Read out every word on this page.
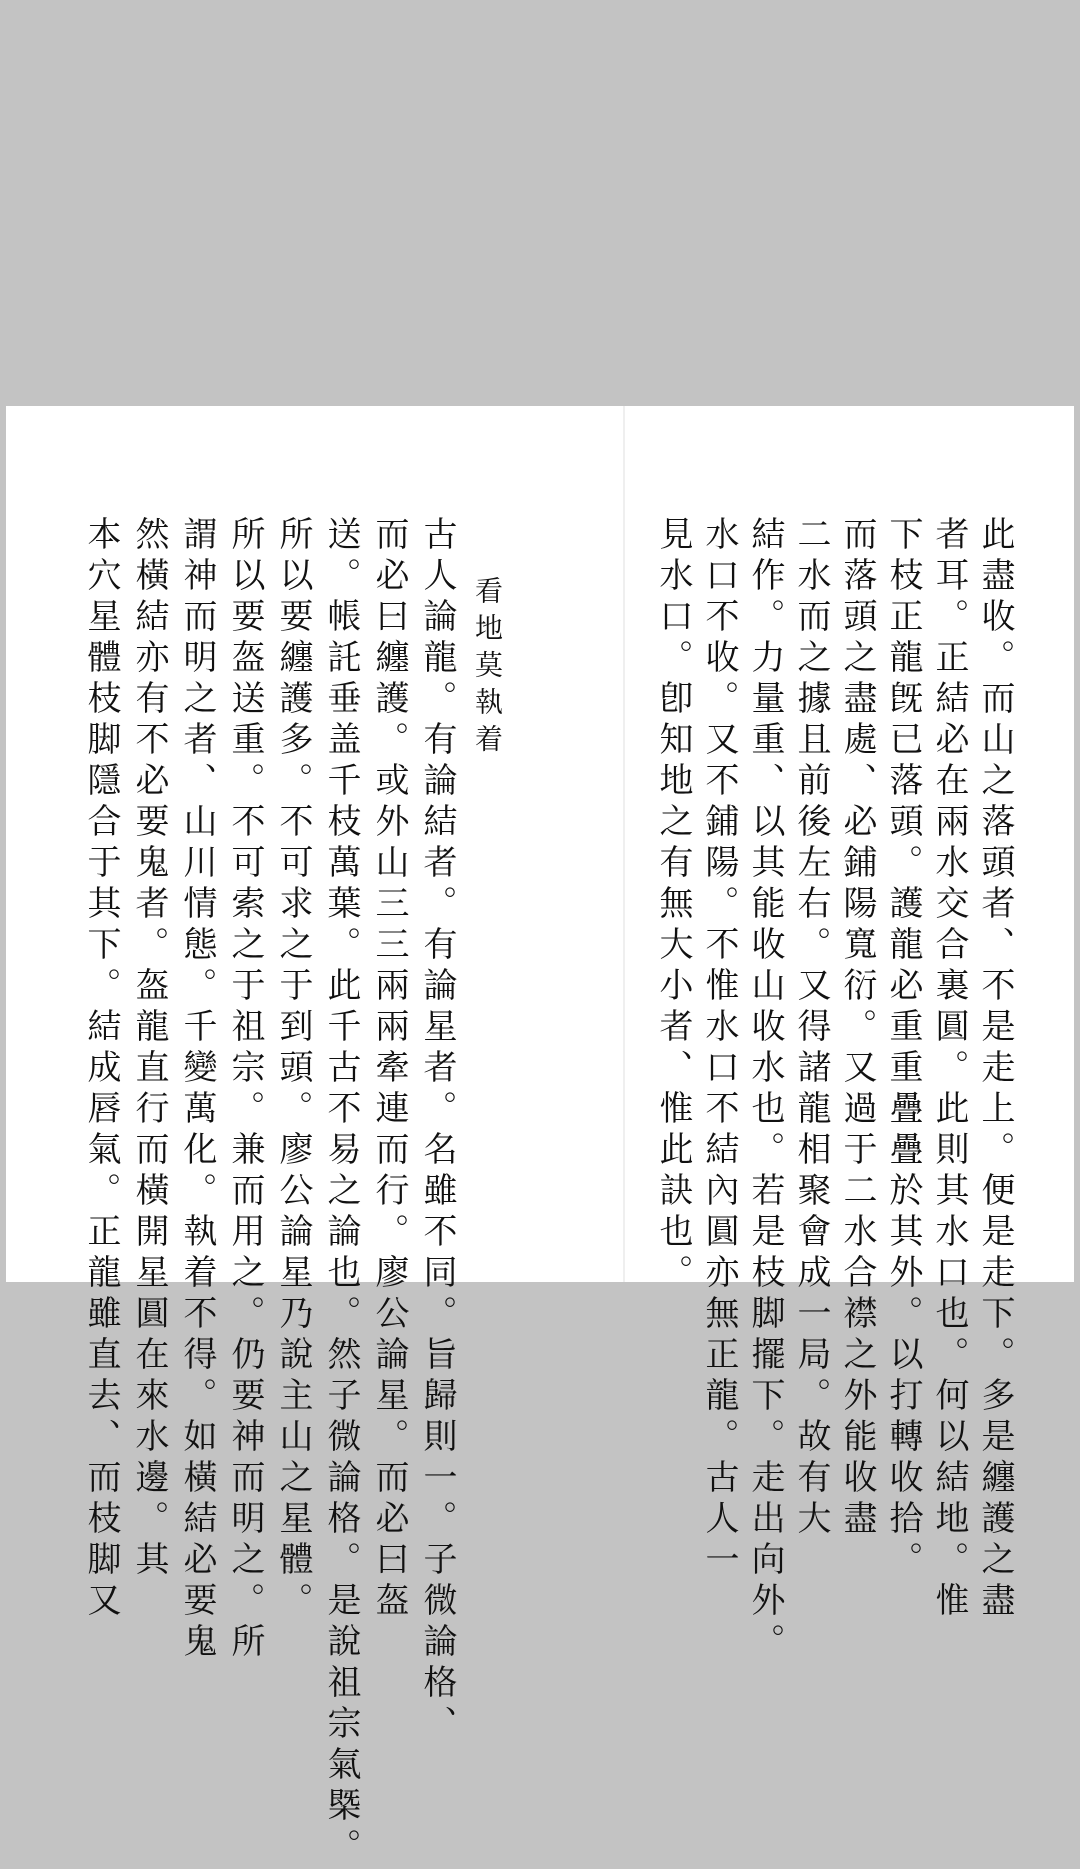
此盡收。而山之落頭者、不是走上。便是走下。多是纏護之盡
者耳。正結必在兩水交合裏圓。此則其水口也。何以結地。惟
下枝正龍旣已落頭。護龍必重重疊疊於其外。以打轉收拾。
而落頭之盡處、必鋪陽寬衍。又過于二水合襟之外能收盡
二水而之據且前後左右。又得諸龍相聚會成一局。故有大
結作。力量重、以其能收山收水也。若是枝脚擺下。走出向外。
水口不收。又不鋪陽。不惟水口不結內圓亦無正龍。古人一
見水口。卽知地之有無大小者、惟此訣也。
看地莫執着
古人論龍。有論結者。有論星者。名雖不同。旨歸則一。子微論格、
而必曰纏護。或外山三三兩兩牽連而行。廖公論星。而必曰盔
送。帳託垂盖千枝萬葉。此千古不易之論也。然子微論格。是說祖宗氣槩。
所以要纏護多。不可求之于到頭。廖公論星乃說主山之星體。
所以要盔送重。不可索之于祖宗。兼而用之。仍要神而明之。所
謂神而明之者、山川情態。千變萬化。執着不得。如橫結必要鬼
然橫結亦有不必要鬼者。盔龍直行而橫開星圓在來水邊。其
本穴星體枝脚隱合于其下。結成唇氣。正龍雖直去、而枝脚又
